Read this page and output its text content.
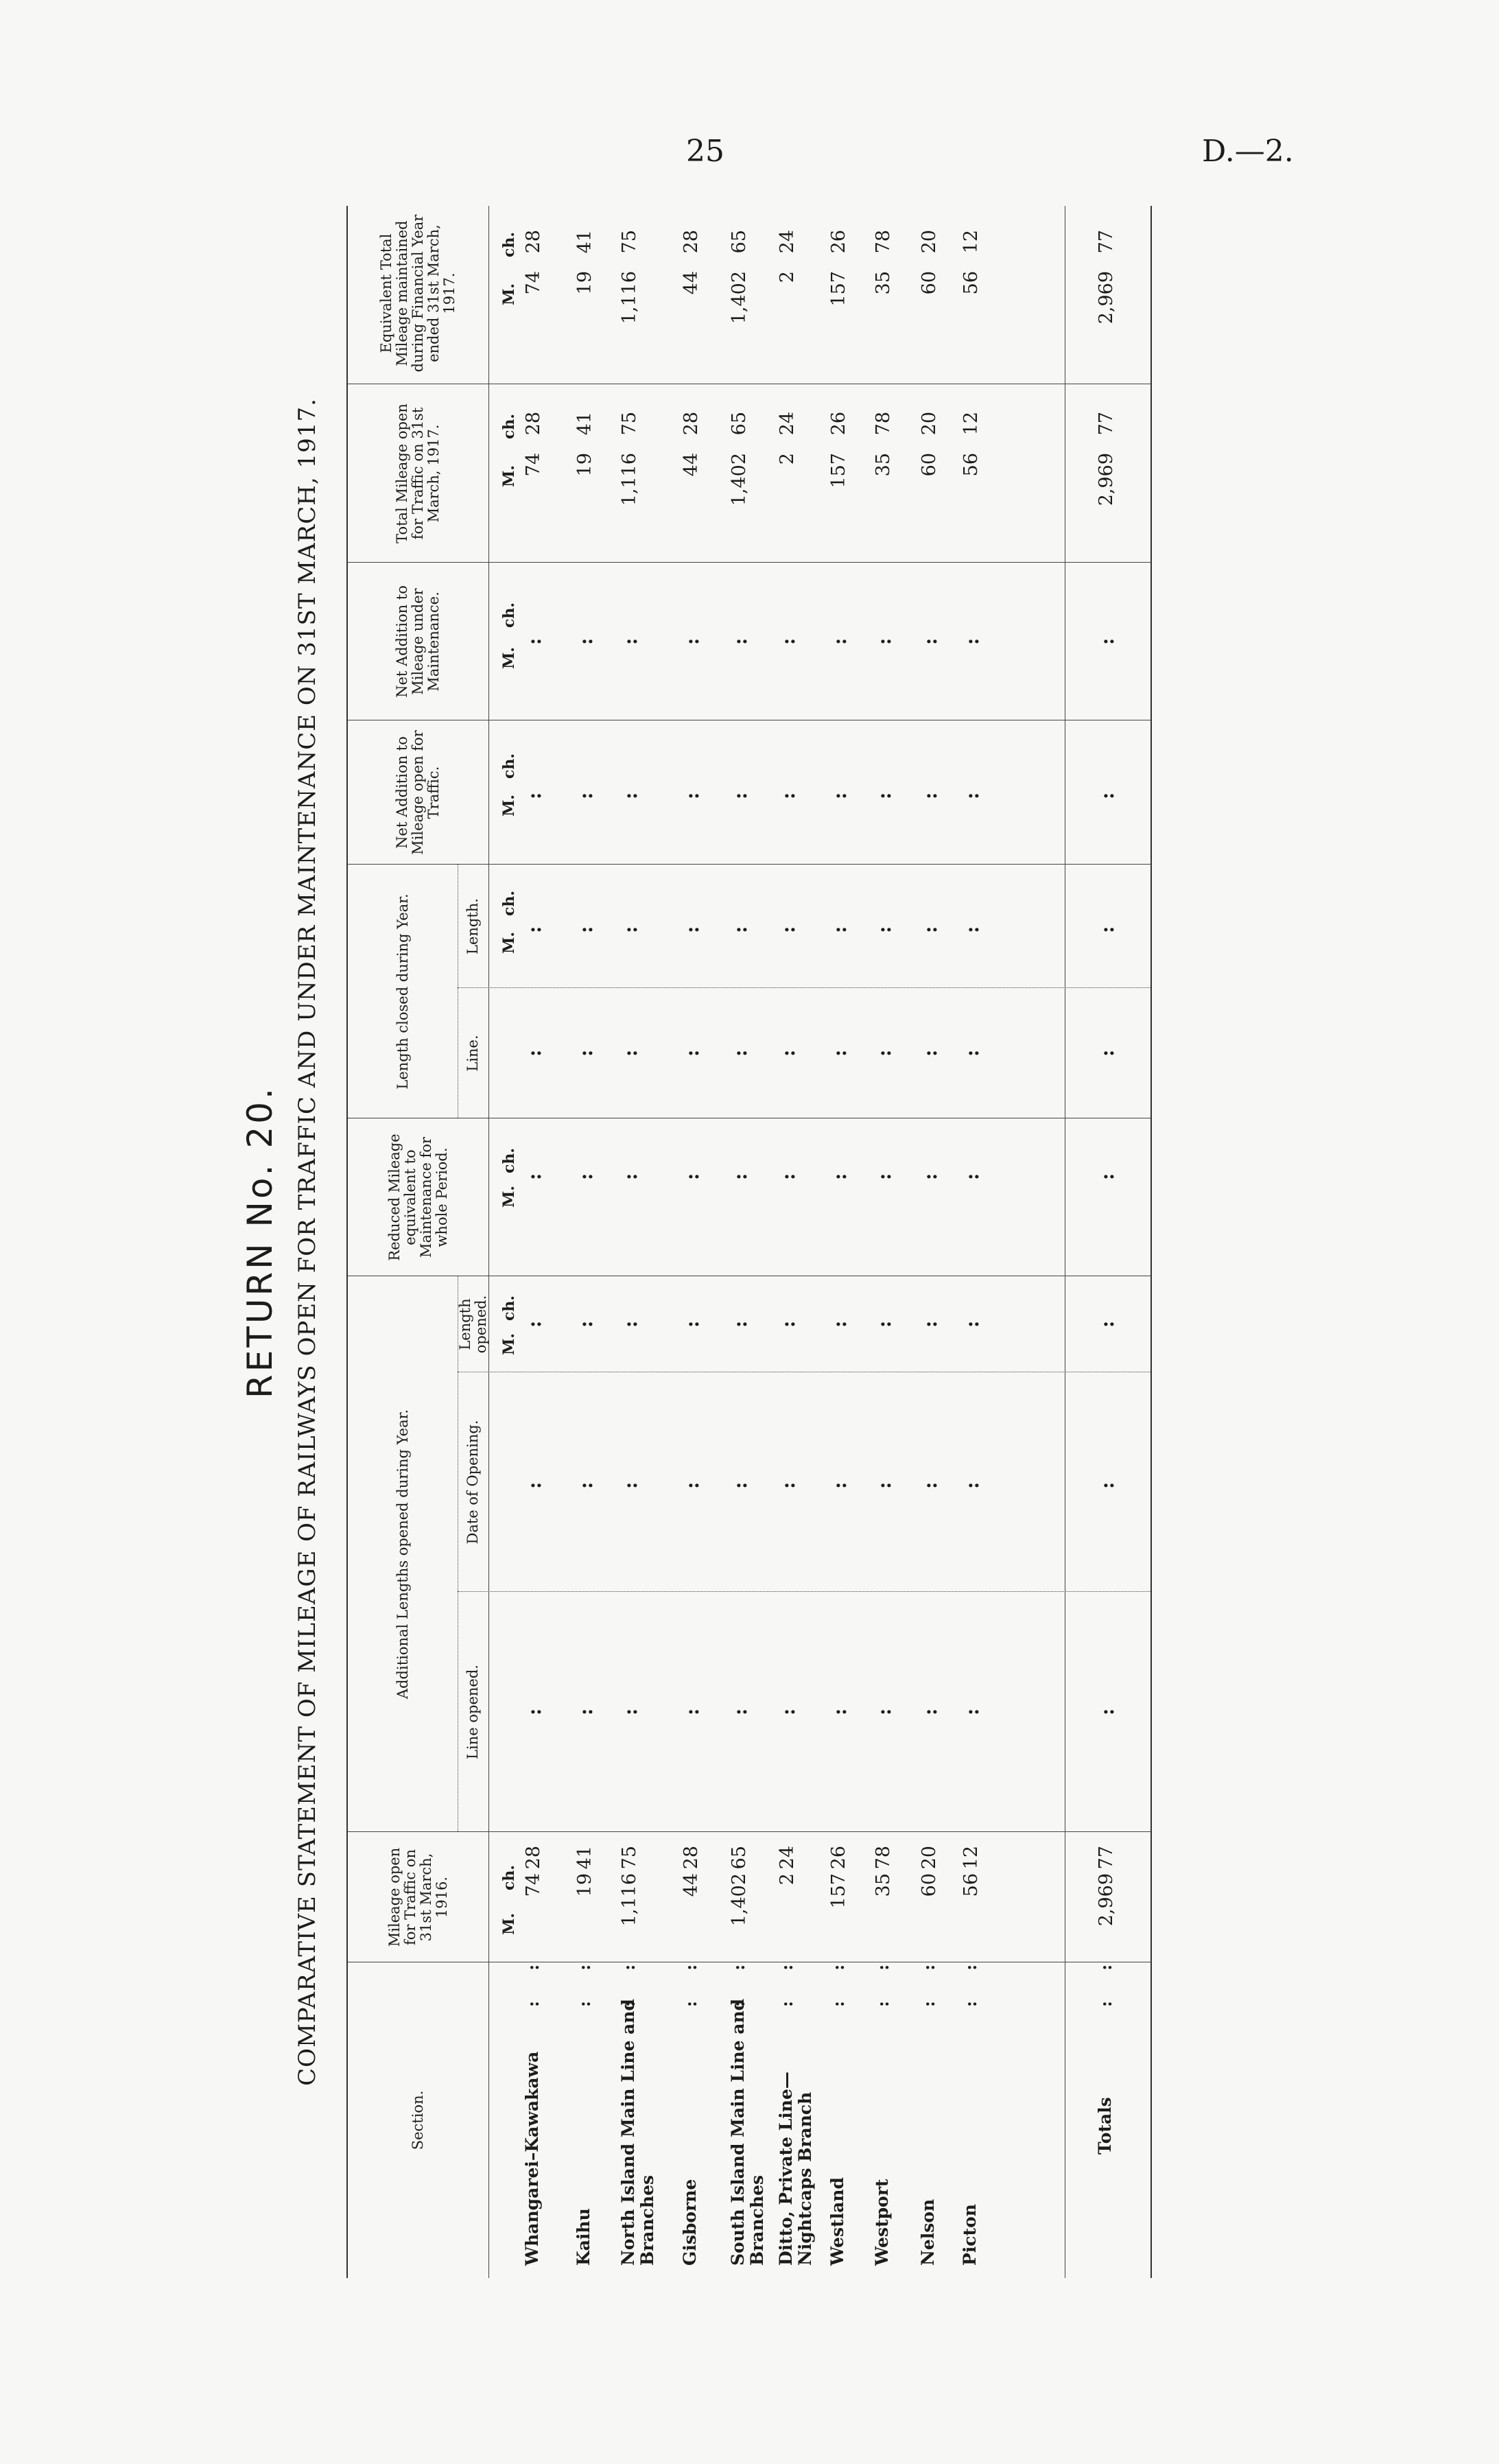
25	D.—2.
RETURN No. 20. COMPARATIVE STATEMENT OF MILEAGE OF RAILWAYS OPEN FOR TRAFFIC AND UNDER MAINTENANCE ON 31ST MARCH, 1917.
Section.
Mileage open for Traffic on 31st March, 1916.
Additional Lengths opened during Year.
Line opened.
Date of Opening.
Length opened.
Reduced Mileage equivalent to Maintenance for whole Period.
Length closed during Year.	Line.
Length.
Net Addition to Mileage open for Traffic.
Net Addition to Mileage under Maintenance.
Total Mileage open for Traffic on 31st March, 1917.
Equivalent Total Mileage maintained during Financial Year ended 31st March, 1917.
M.
ch.
M.
ch.
M.
ch.
M.
ch.
M.
ch.
M.
ch.
M.
ch.
M.
ch.
Whangarei–Kawakawa
: :
74
28
:
:
:
:
:
:
:
:
74
28
74
28
Kaihu
: :
19
41
:
:
:
:
:
:
:
:
19
41
19
41
North Island Main Line and Branches
: :
1,116
75
:
:
:
:
:
:
:
:
1,116
75
1,116
75
Gisborne
: :
44
28
:
:
:
:
:
:
:
:
44
28
44
28
South Island Main Line and Branches
: :
1,402
65
:
:
:
:
:
:
:
:
1,402
65
1,402
65
Ditto, Private Line—Nightcaps Branch
: :
2
24
:
:
:
:
:
:
:
:
2
24
2
24
Westland
: :
157
26
:
:
:
:
:
:
:
:
157
26
157
26
Westport
: :
35
78
:
:
:
:
:
:
:
:
35
78
35
78
Nelson
: :
60
20
:
:
:
:
:
:
:
:
60
20
60
20
Picton
: :
56
12
:
:
:
:
:
:
:
:
56
12
56
12
Totals
: :
2,969
77
:
:
:
:
:
:
:
:
2,969
77
2,969
77
